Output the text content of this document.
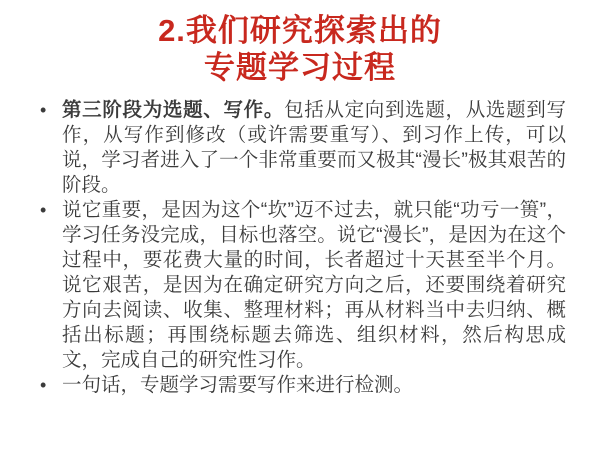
2.我们研究探索出的
专题学习过程
• 第三阶段为选题、写作。包括从定向到选题，从选题到写作，从写作到修改（或许需要重写）、到习作上传，可以说，学习者进入了一个非常重要而又极其“漫长”极其艰苦的阶段。
• 说它重要，是因为这个“坎”迈不过去，就只能“功亏一篑”，学习任务没完成，目标也落空。说它“漫长”，是因为在这个过程中，要花费大量的时间，长者超过十天甚至半个月。说它艰苦，是因为在确定研究方向之后，还要围绕着研究方向去阅读、收集、整理材料；再从材料当中去归纳、概括出标题；再围绕标题去筛选、组织材料，然后构思成文，完成自己的研究性习作。
• 一句话，专题学习需要写作来进行检测。
